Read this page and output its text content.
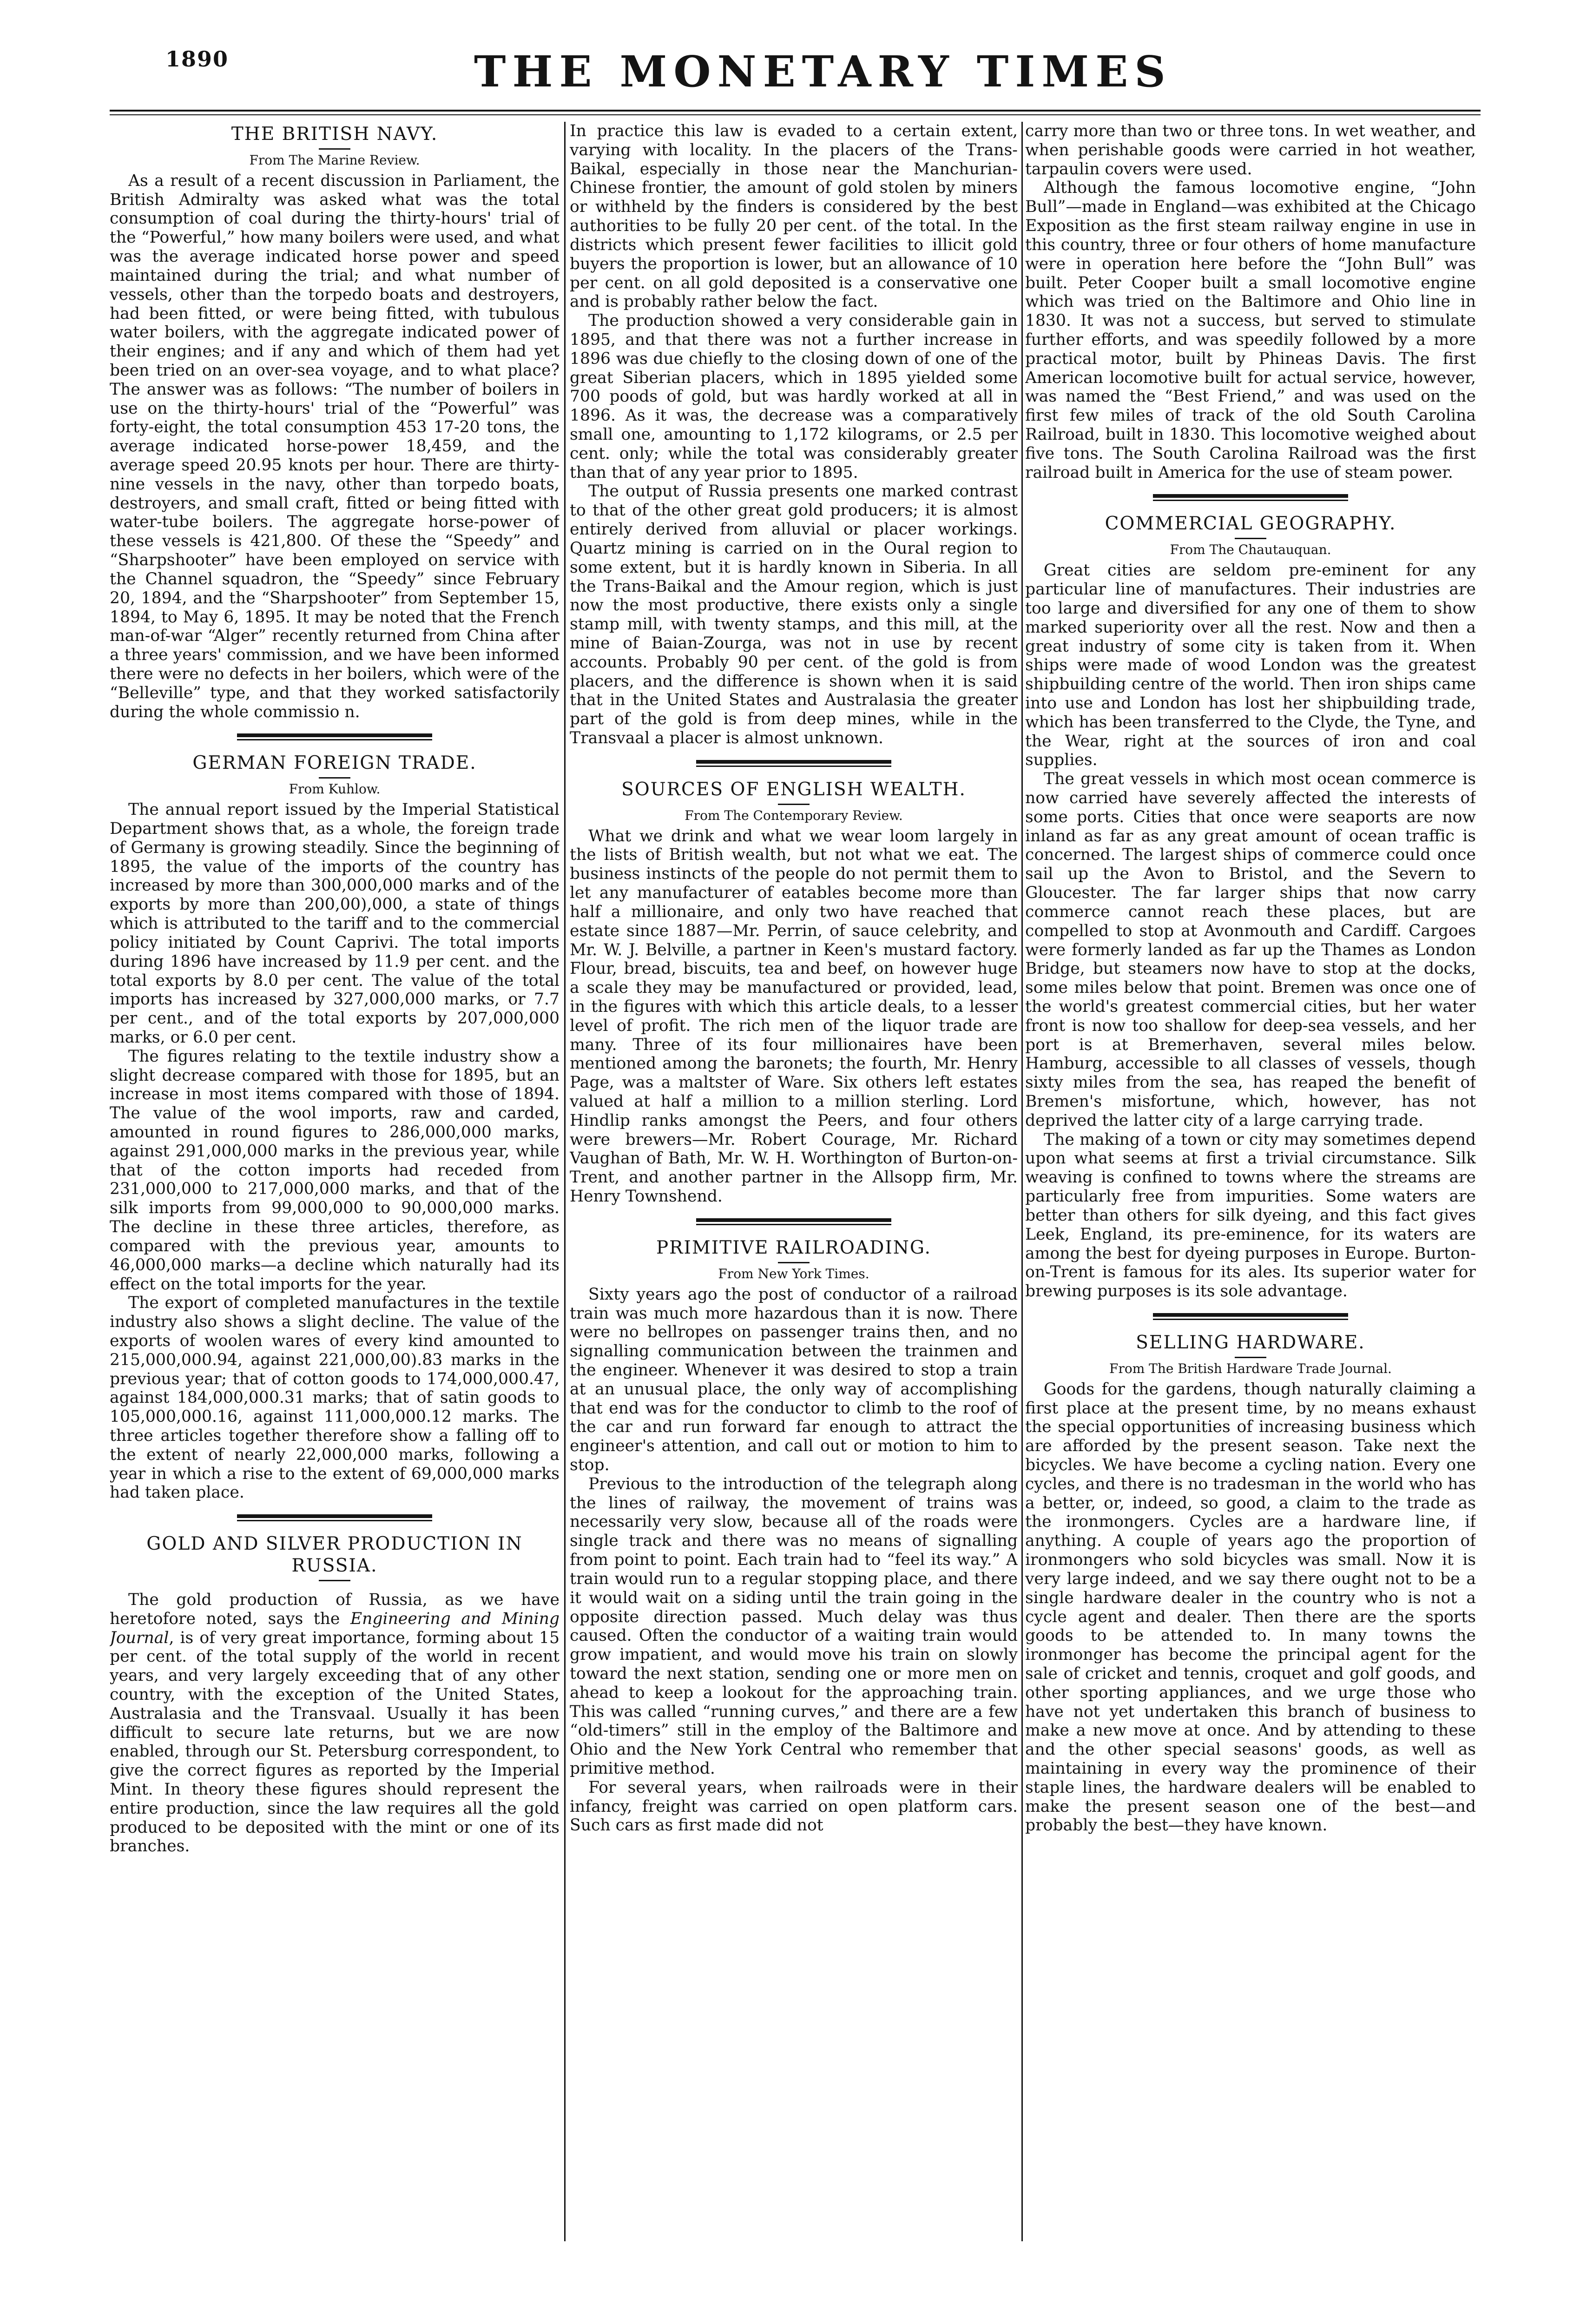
1890	THE MONETARY TIMES
THE BRITISH NAVY.
From The Marine Review.

As a result of a recent discussion in Parliament, the British Admiralty was asked what was the total consumption of coal during the thirty-hours' trial of the “Powerful,” how many boilers were used, and what was the average indicated horse power and speed maintained during the trial; and what number of vessels, other than the torpedo boats and destroyers, had been fitted, or were being fitted, with tubulous water boilers, with the aggregate indicated power of their engines; and if any and which of them had yet been tried on an over-sea voyage, and to what place? The answer was as follows: “The number of boilers in use on the thirty-hours' trial of the “Powerful” was forty-eight, the total consumption 453 17-20 tons, the average indicated horse-power 18,459, and the average speed 20.95 knots per hour. There are thirty-nine vessels in the navy, other than torpedo boats, destroyers, and small craft, fitted or being fitted with water-tube boilers. The aggregate horse-power of these vessels is 421,800. Of these the “Speedy” and “Sharpshooter” have been employed on service with the Channel squadron, the “Speedy” since February 20, 1894, and the “Sharpshooter” from September 15, 1894, to May 6, 1895. It may be noted that the French man-of-war “Alger” recently returned from China after a three years' commission, and we have been informed there were no defects in her boilers, which were of the “Belleville” type, and that they worked satisfactorily during the whole commissio n.

GERMAN FOREIGN TRADE.
From Kuhlow.

The annual report issued by the Imperial Statistical Department shows that, as a whole, the foreign trade of Germany is growing steadily. Since the beginning of 1895, the value of the imports of the country has increased by more than 300,000,000 marks and of the exports by more than 200,00),000, a state of things which is attributed to the tariff and to the commercial policy initiated by Count Caprivi. The total imports during 1896 have increased by 11.9 per cent. and the total exports by 8.0 per cent. The value of the total imports has increased by 327,000,000 marks, or 7.7 per cent., and of the total exports by 207,000,000 marks, or 6.0 per cent.

The figures relating to the textile industry show a slight decrease compared with those for 1895, but an increase in most items compared with those of 1894. The value of the wool imports, raw and carded, amounted in round figures to 286,000,000 marks, against 291,000,000 marks in the previous year, while that of the cotton imports had receded from 231,000,000 to 217,000,000 marks, and that of the silk imports from 99,000,000 to 90,000,000 marks. The decline in these three articles, therefore, as compared with the previous year, amounts to 46,000,000 marks—a decline which naturally had its effect on the total imports for the year.

The export of completed manufactures in the textile industry also shows a slight decline. The value of the exports of woolen wares of every kind amounted to 215,000,000.94, against 221,000,00).83 marks in the previous year; that of cotton goods to 174,000,000.47, against 184,000,000.31 marks; that of satin goods to 105,000,000.16, against 111,000,000.12 marks. The three articles together therefore show a falling off to the extent of nearly 22,000,000 marks, following a year in which a rise to the extent of 69,000,000 marks had taken place.

GOLD AND SILVER PRODUCTION IN RUSSIA.

The gold production of Russia, as we have heretofore noted, says the Engineering and Mining Journal, is of very great importance, forming about 15 per cent. of the total supply of the world in recent years, and very largely exceeding that of any other country, with the exception of the United States, Australasia and the Transvaal. Usually it has been difficult to secure late returns, but we are now enabled, through our St. Petersburg correspondent, to give the correct figures as reported by the Imperial Mint. In theory these figures should represent the entire production, since the law requires all the gold produced to be deposited with the mint or one of its branches.

In practice this law is evaded to a certain extent, varying with locality. In the placers of the Trans-Baikal, especially in those near the Manchurian-Chinese frontier, the amount of gold stolen by miners or withheld by the finders is considered by the best authorities to be fully 20 per cent. of the total. In the districts which present fewer facilities to illicit gold buyers the proportion is lower, but an allowance of 10 per cent. on all gold deposited is a conservative one and is probably rather below the fact.

The production showed a very considerable gain in 1895, and that there was not a further increase in 1896 was due chiefly to the closing down of one of the great Siberian placers, which in 1895 yielded some 700 poods of gold, but was hardly worked at all in 1896. As it was, the decrease was a comparatively small one, amounting to 1,172 kilograms, or 2.5 per cent. only; while the total was considerably greater than that of any year prior to 1895.

The output of Russia presents one marked contrast to that of the other great gold producers; it is almost entirely derived from alluvial or placer workings. Quartz mining is carried on in the Oural region to some extent, but it is hardly known in Siberia. In all the Trans-Baikal and the Amour region, which is just now the most productive, there exists only a single stamp mill, with twenty stamps, and this mill, at the mine of Baian-Zourga, was not in use by recent accounts. Probably 90 per cent. of the gold is from placers, and the difference is shown when it is said that in the United States and Australasia the greater part of the gold is from deep mines, while in the Transvaal a placer is almost unknown.

SOURCES OF ENGLISH WEALTH.
From The Contemporary Review.

What we drink and what we wear loom largely in the lists of British wealth, but not what we eat. The business instincts of the people do not permit them to let any manufacturer of eatables become more than half a millionaire, and only two have reached that estate since 1887—Mr. Perrin, of sauce celebrity, and Mr. W. J. Belville, a partner in Keen's mustard factory. Flour, bread, biscuits, tea and beef, on however huge a scale they may be manufactured or provided, lead, in the figures with which this article deals, to a lesser level of profit. The rich men of the liquor trade are many. Three of its four millionaires have been mentioned among the baronets; the fourth, Mr. Henry Page, was a maltster of Ware. Six others left estates valued at half a million to a million sterling. Lord Hindlip ranks amongst the Peers, and four others were brewers—Mr. Robert Courage, Mr. Richard Vaughan of Bath, Mr. W. H. Worthington of Burton-on-Trent, and another partner in the Allsopp firm, Mr. Henry Townshend.

PRIMITIVE RAILROADING.
From New York Times.

Sixty years ago the post of conductor of a railroad train was much more hazardous than it is now. There were no bellropes on passenger trains then, and no signalling communication between the trainmen and the engineer. Whenever it was desired to stop a train at an unusual place, the only way of accomplishing that end was for the conductor to climb to the roof of the car and run forward far enough to attract the engineer's attention, and call out or motion to him to stop.

Previous to the introduction of the telegraph along the lines of railway, the movement of trains was necessarily very slow, because all of the roads were single track and there was no means of signalling from point to point. Each train had to “feel its way.” A train would run to a regular stopping place, and there it would wait on a siding until the train going in the opposite direction passed. Much delay was thus caused. Often the conductor of a waiting train would grow impatient, and would move his train on slowly toward the next station, sending one or more men on ahead to keep a lookout for the approaching train. This was called “running curves,” and there are a few “old-timers” still in the employ of the Baltimore and Ohio and the New York Central who remember that primitive method.

For several years, when railroads were in their infancy, freight was carried on open platform cars. Such cars as first made did not

carry more than two or three tons. In wet weather, and when perishable goods were carried in hot weather, tarpaulin covers were used.

Although the famous locomotive engine, “John Bull”—made in England—was exhibited at the Chicago Exposition as the first steam railway engine in use in this country, three or four others of home manufacture were in operation here before the “John Bull” was built. Peter Cooper built a small locomotive engine which was tried on the Baltimore and Ohio line in 1830. It was not a success, but served to stimulate further efforts, and was speedily followed by a more practical motor, built by Phineas Davis. The first American locomotive built for actual service, however, was named the “Best Friend,” and was used on the first few miles of track of the old South Carolina Railroad, built in 1830. This locomotive weighed about five tons. The South Carolina Railroad was the first railroad built in America for the use of steam power.

COMMERCIAL GEOGRAPHY.
From The Chautauquan.

Great cities are seldom pre-eminent for any particular line of manufactures. Their industries are too large and diversified for any one of them to show marked superiority over all the rest. Now and then a great industry of some city is taken from it. When ships were made of wood London was the greatest shipbuilding centre of the world. Then iron ships came into use and London has lost her shipbuilding trade, which has been transferred to the Clyde, the Tyne, and the Wear, right at the sources of iron and coal supplies.

The great vessels in which most ocean commerce is now carried have severely affected the interests of some ports. Cities that once were seaports are now inland as far as any great amount of ocean traffic is concerned. The largest ships of commerce could once sail up the Avon to Bristol, and the Severn to Gloucester. The far larger ships that now carry commerce cannot reach these places, but are compelled to stop at Avonmouth and Cardiff. Cargoes were formerly landed as far up the Thames as London Bridge, but steamers now have to stop at the docks, some miles below that point. Bremen was once one of the world's greatest commercial cities, but her water front is now too shallow for deep-sea vessels, and her port is at Bremerhaven, several miles below. Hamburg, accessible to all classes of vessels, though sixty miles from the sea, has reaped the benefit of Bremen's misfortune, which, however, has not deprived the latter city of a large carrying trade.

The making of a town or city may sometimes depend upon what seems at first a trivial circumstance. Silk weaving is confined to towns where the streams are particularly free from impurities. Some waters are better than others for silk dyeing, and this fact gives Leek, England, its pre-eminence, for its waters are among the best for dyeing purposes in Europe. Burton-on-Trent is famous for its ales. Its superior water for brewing purposes is its sole advantage.

SELLING HARDWARE.
From The British Hardware Trade Journal.

Goods for the gardens, though naturally claiming a first place at the present time, by no means exhaust the special opportunities of increasing business which are afforded by the present season. Take next the bicycles. We have become a cycling nation. Every one cycles, and there is no tradesman in the world who has a better, or, indeed, so good, a claim to the trade as the ironmongers. Cycles are a hardware line, if anything. A couple of years ago the proportion of ironmongers who sold bicycles was small. Now it is very large indeed, and we say there ought not to be a single hardware dealer in the country who is not a cycle agent and dealer. Then there are the sports goods to be attended to. In many towns the ironmonger has become the principal agent for the sale of cricket and tennis, croquet and golf goods, and other sporting appliances, and we urge those who have not yet undertaken this branch of business to make a new move at once. And by attending to these and the other special seasons' goods, as well as maintaining in every way the prominence of their staple lines, the hardware dealers will be enabled to make the present season one of the best—and probably the best—they have known.
